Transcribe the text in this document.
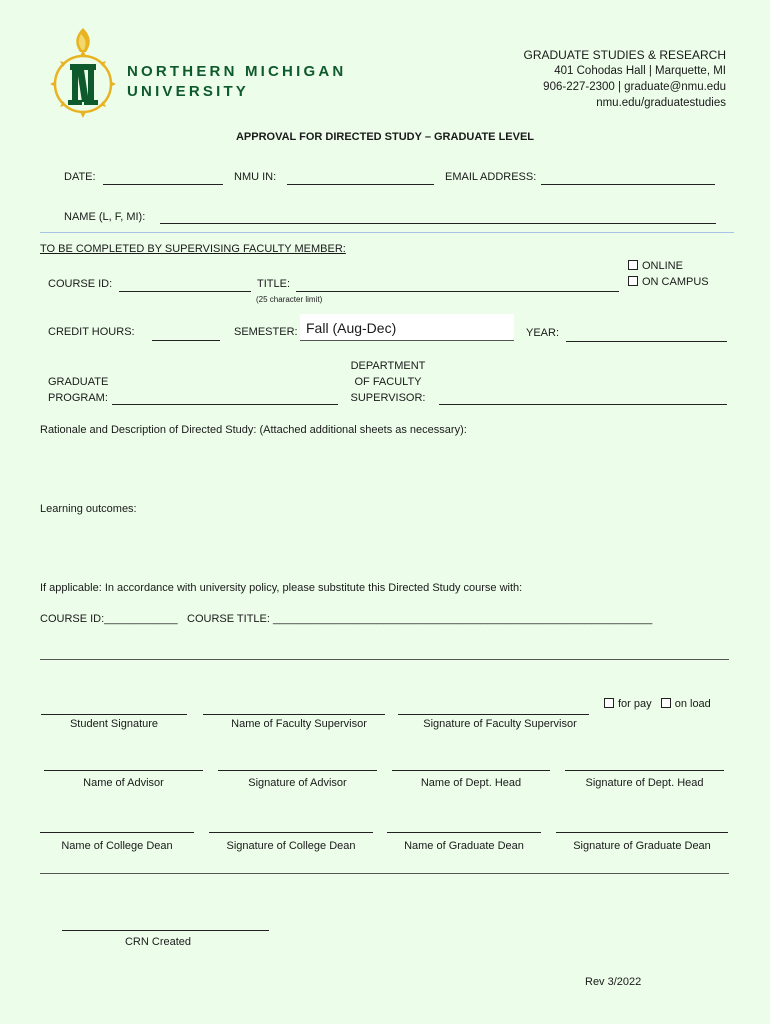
NORTHERN MICHIGAN
UNIVERSITY
GRADUATE STUDIES & RESEARCH
401 Cohodas Hall | Marquette, MI
906-227-2300 | graduate@nmu.edu
nmu.edu/graduatestudies
APPROVAL FOR DIRECTED STUDY – GRADUATE LEVEL
DATE:	NMU IN:	EMAIL ADDRESS:
NAME (L, F, MI):
TO BE COMPLETED BY SUPERVISING FACULTY MEMBER:
ONLINE
ON CAMPUS
COURSE ID:	TITLE:
(25 character limit)
CREDIT HOURS:	SEMESTER: Fall (Aug-Dec)	YEAR:
GRADUATE
PROGRAM:
DEPARTMENT
OF FACULTY
SUPERVISOR:
Rationale and Description of Directed Study: (Attached additional sheets as necessary):
Learning outcomes:
If applicable: In accordance with university policy, please substitute this Directed Study course with:
COURSE ID:____________ COURSE TITLE: ______________________________________________________________
for pay on load
Student Signature	Name of Faculty Supervisor	Signature of Faculty Supervisor
Name of Advisor	Signature of Advisor	Name of Dept. Head	Signature of Dept. Head
Name of College Dean	Signature of College Dean	Name of Graduate Dean	Signature of Graduate Dean
CRN Created
Rev 3/2022
